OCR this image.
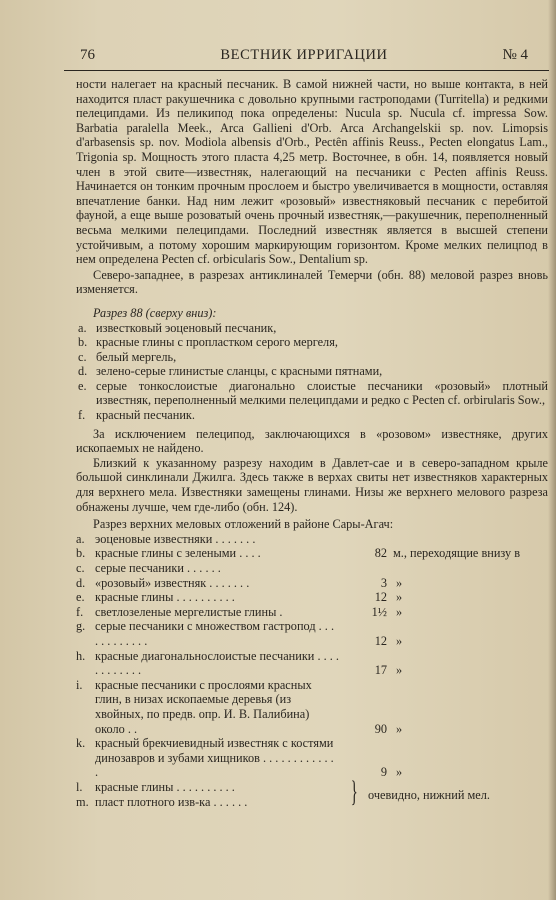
76	ВЕСТНИК ИРРИГАЦИИ	№ 4

ности налегает на красный песчаник. В самой нижней части, но выше контакта, в ней находится пласт ракушечника с довольно крупными гастроподами (Turritella) и редкими пелеципдами. Из пеликипод пока определены: Nucula sp. Nucula cf. impressa Sow. Barbatia paralella Meek., Arca Gallieni d'Orb. Arca Archangelskii sp. nov. Limopsis d'arbasensis sp. nov. Modiola albensis d'Orb., Pectên affinis Reuss., Pecten elongatus Lam., Trigonia sp. Мощность этого пласта 4,25 метр. Восточнее, в обн. 14, появляется новый член в этой свите—известняк, налегающий на песчаники с Pecten affinis Reuss. Начинается он тонким прочным прослоем и быстро увеличивается в мощности, оставляя впечатление банки. Над ним лежит «розовый» известняковый песчаник с перебитой фауной, а еще выше розоватый очень прочный известняк,—ракушечник, переполненный весьма мелкими пелеципдами. Последний известняк является в высшей степени устойчивым, а потому хорошим маркирующим горизонтом. Кроме мелких пелицпод в нем определена Pecten cf. orbicularis Sow., Dentalium sp.

Северо-западнее, в разрезах антиклиналей Темерчи (обн. 88) меловой разрез вновь изменяется.

Разрез 88 (сверху вниз):
a. известковый эоценовый песчаник,
b. красные глины с пропластком серого мергеля,
c. белый мергель,
d. зелено-серые глинистые сланцы, с красными пятнами,
e. серые тонкослоистые диагонально слоистые песчаники «розовый» плотный известняк, переполненный мелкими пелеципдами и редко с Pecten cf. orbirularis Sow.,
f. красный песчаник.

За исключением пелеципод, заключающихся в «розовом» известняке, других ископаемых не найдено.

Близкий к указанному разрезу находим в Давлет-сае и в северо-западном крыле большой синклинали Джилга. Здесь также в верхах свиты нет известняков характерных для верхнего мела. Известняки замещены глинами. Низы же верхнего мелового разреза обнажены лучше, чем где-либо (обн. 124).

Разрез верхних меловых отложений в районе Сары-Агач:

a. эоценовые известняки . . . . . . .
b. красные глины с зелеными . . . .	82 м., переходящие внизу в
c. серые песчаники . . . . . .
d. «розовый» известняк . . . . . . .	3 »
e. красные глины . . . . . . . . . .	12 »
f. светлозеленые мергелистые глины .	1½ »
g. серые песчаники с множеством гастропод . . . . . . . . . . . .	12 »
h. красные диагональнослоистые песчаники . . . . . . . . . . . .	17 »
i. красные песчаники с прослоями красных глин, в низах ископаемые деревья (из хвойных, по предв. опр. И. В. Палибина) около . .	90 »
k. красный брекчиевидный известняк с костями динозавров и зубами хищников . . . . . . . . . . . . .	9 »
l. красные глины . . . . . . . . . .
m. пласт плотного изв-ка . . . . . .	} очевидно, нижний мел.
